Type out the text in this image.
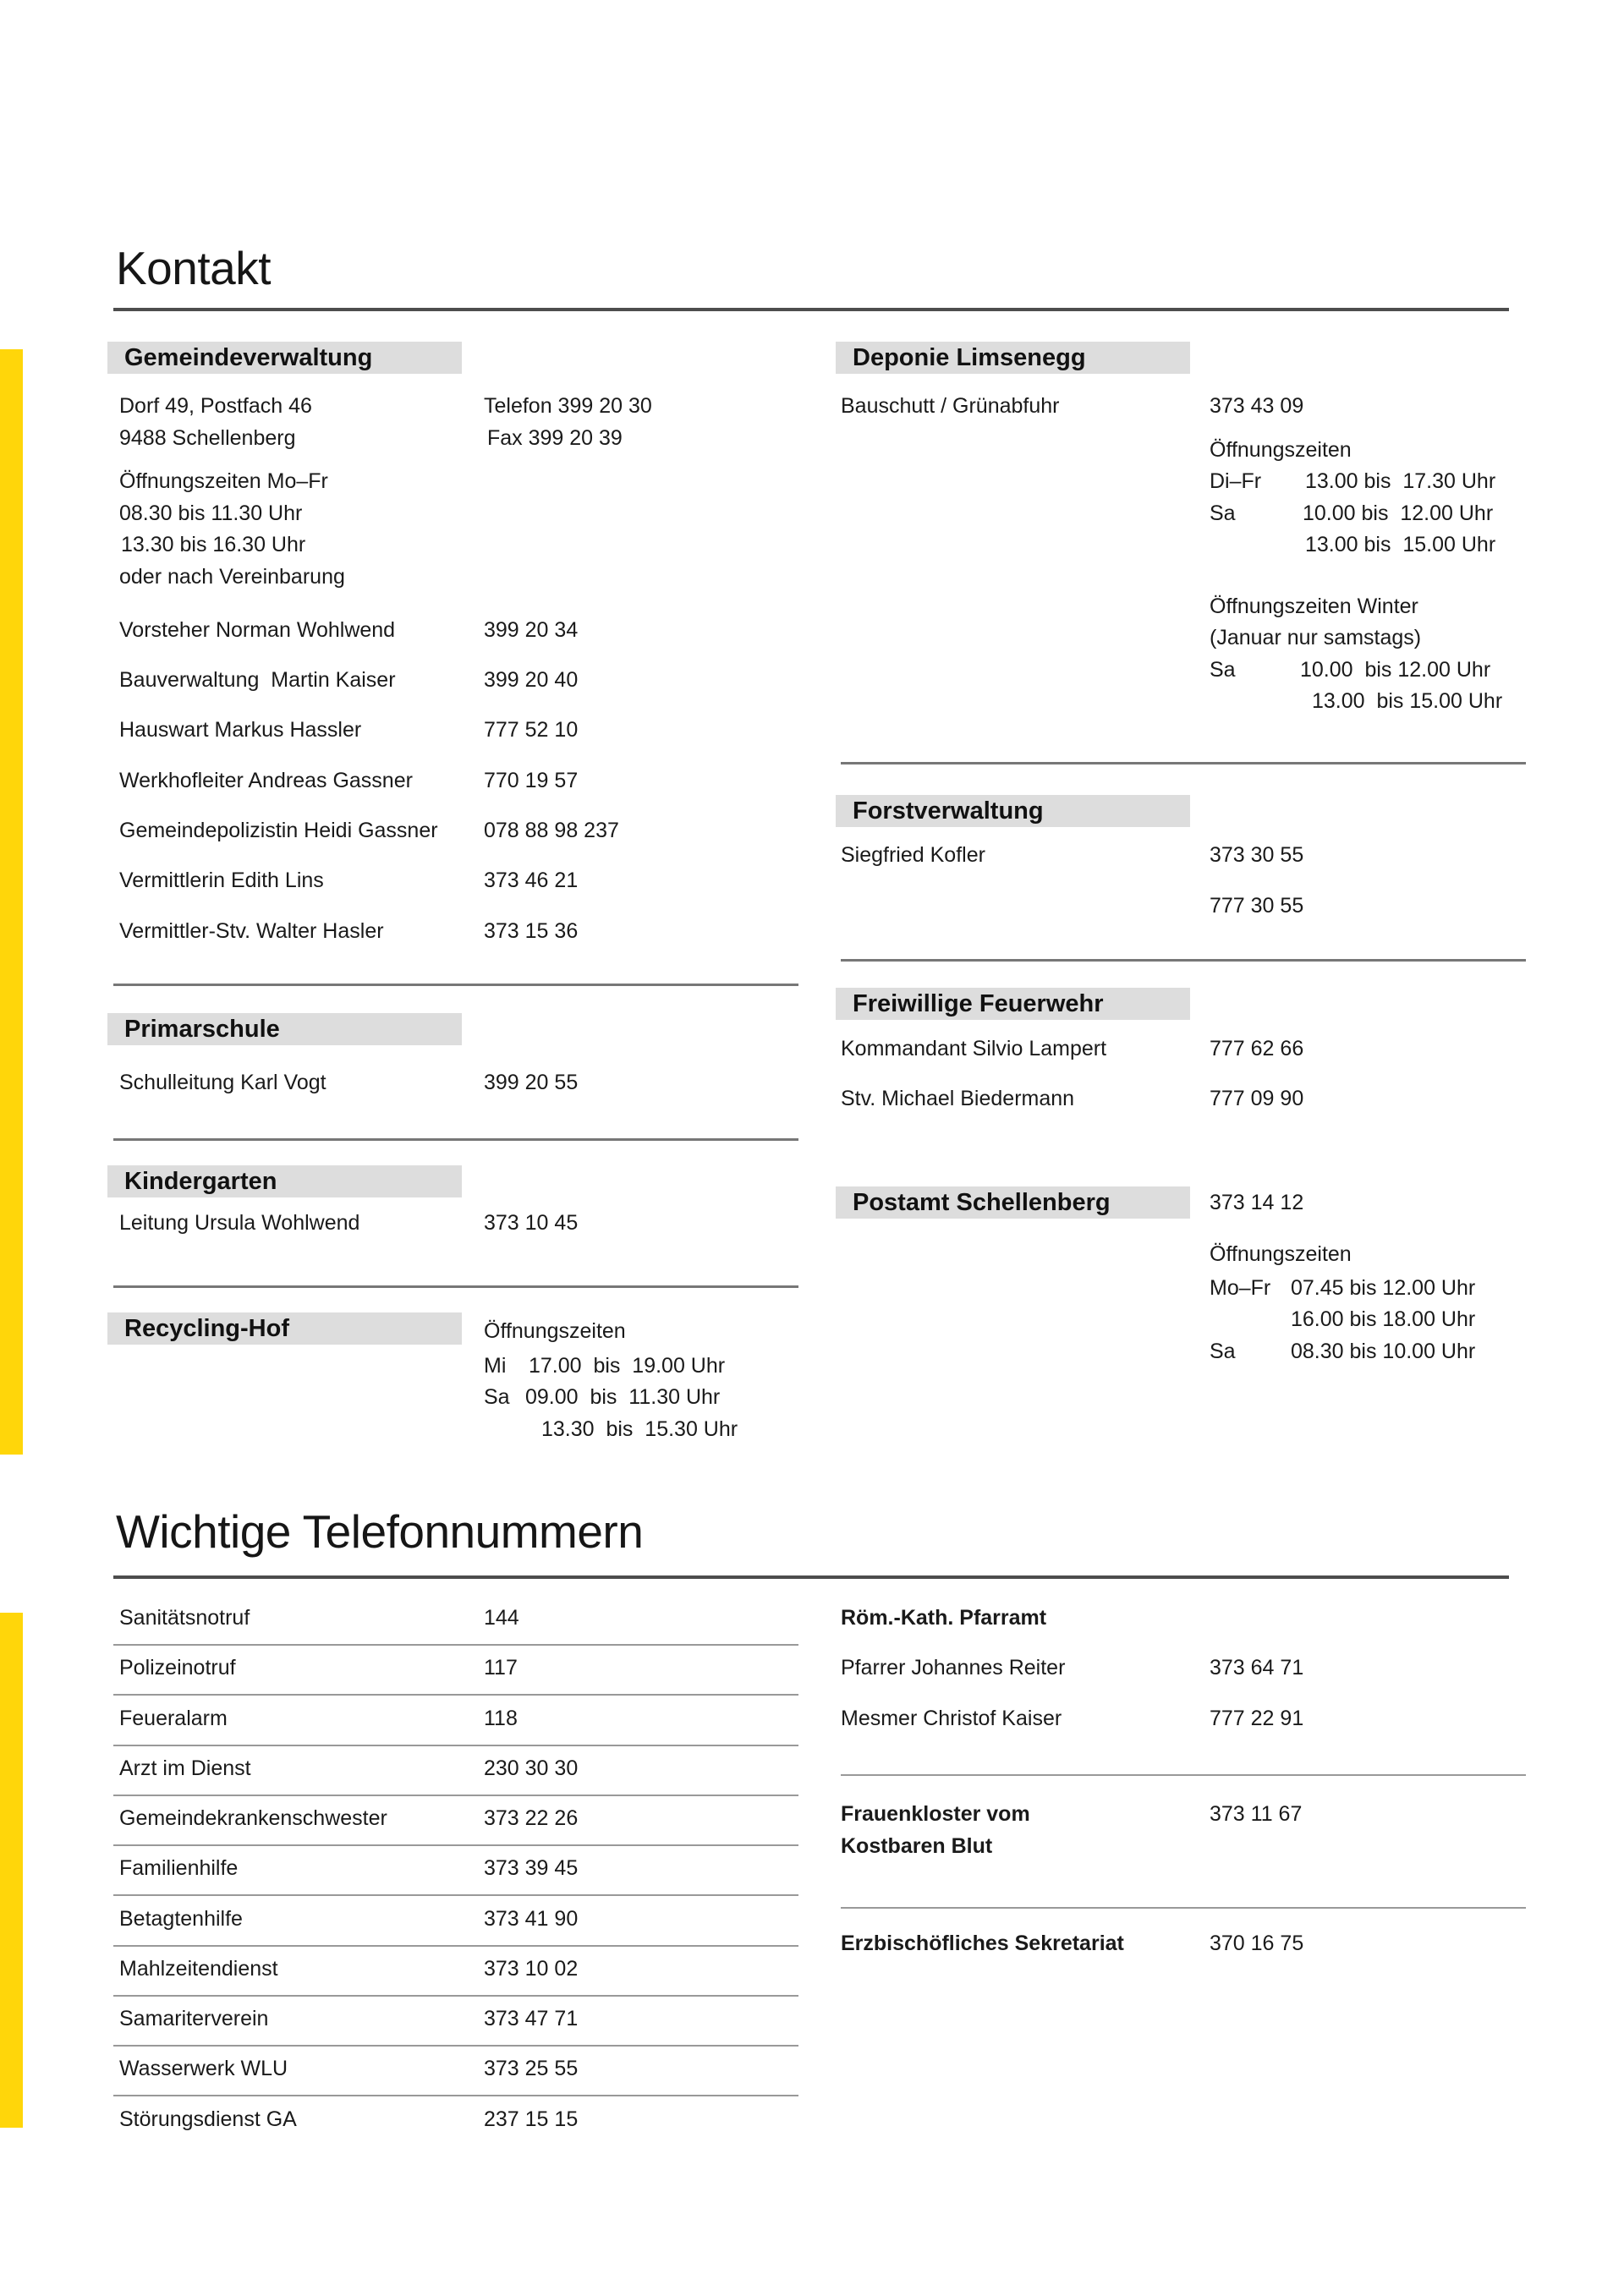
Kontakt
Gemeindeverwaltung
Dorf 49, Postfach 46
9488 Schellenberg
Telefon 399 20 30
Fax 399 20 39
Öffnungszeiten Mo–Fr
08.30 bis 11.30 Uhr
13.30 bis 16.30 Uhr
oder nach Vereinbarung
Vorsteher Norman Wohlwend	399 20 34
Bauverwaltung  Martin Kaiser	399 20 40
Hauswart Markus Hassler	777 52 10
Werkhofleiter Andreas Gassner	770 19 57
Gemeindepolizistin Heidi Gassner 078 88 98 237
Vermittlerin Edith Lins	373 46 21
Vermittler-Stv. Walter Hasler	373 15 36
Primarschule
Schulleitung Karl Vogt	399 20 55
Kindergarten
Leitung Ursula Wohlwend	373 10 45
Recycling-Hof	Öffnungszeiten
Mi 17.00  bis  19.00 Uhr
Sa 09.00  bis  11.30 Uhr
13.30  bis  15.30 Uhr
Deponie Limsenegg
Bauschutt / Grünabfuhr	373 43 09
Öffnungszeiten
Di–Fr 13.00 bis  17.30 Uhr
Sa	10.00 bis  12.00 Uhr
13.00 bis  15.00 Uhr
Öffnungszeiten Winter
(Januar nur samstags)
Sa	10.00  bis 12.00 Uhr
13.00  bis 15.00 Uhr
Forstverwaltung
Siegfried Kofler	373 30 55
777 30 55
Freiwillige Feuerwehr
Kommandant Silvio Lampert	777 62 66
Stv. Michael Biedermann	777 09 90
Postamt Schellenberg	373 14 12
Öffnungszeiten
Mo–Fr 07.45 bis 12.00 Uhr
16.00 bis 18.00 Uhr
Sa	08.30 bis 10.00 Uhr
Wichtige Telefonnummern
Sanitätsnotruf	144
Polizeinotruf	117
Feueralarm	118
Arzt im Dienst	230 30 30
Gemeindekrankenschwester	373 22 26
Familienhilfe	373 39 45
Betagtenhilfe	373 41 90
Mahlzeitendienst	373 10 02
Samariterverein	373 47 71
Wasserwerk WLU	373 25 55
Störungsdienst GA	237 15 15
Röm.-Kath. Pfarramt
Pfarrer Johannes Reiter	373 64 71
Mesmer Christof Kaiser	777 22 91
Frauenkloster vom	373 11 67
Kostbaren Blut
Erzbischöfliches Sekretariat	370 16 75
